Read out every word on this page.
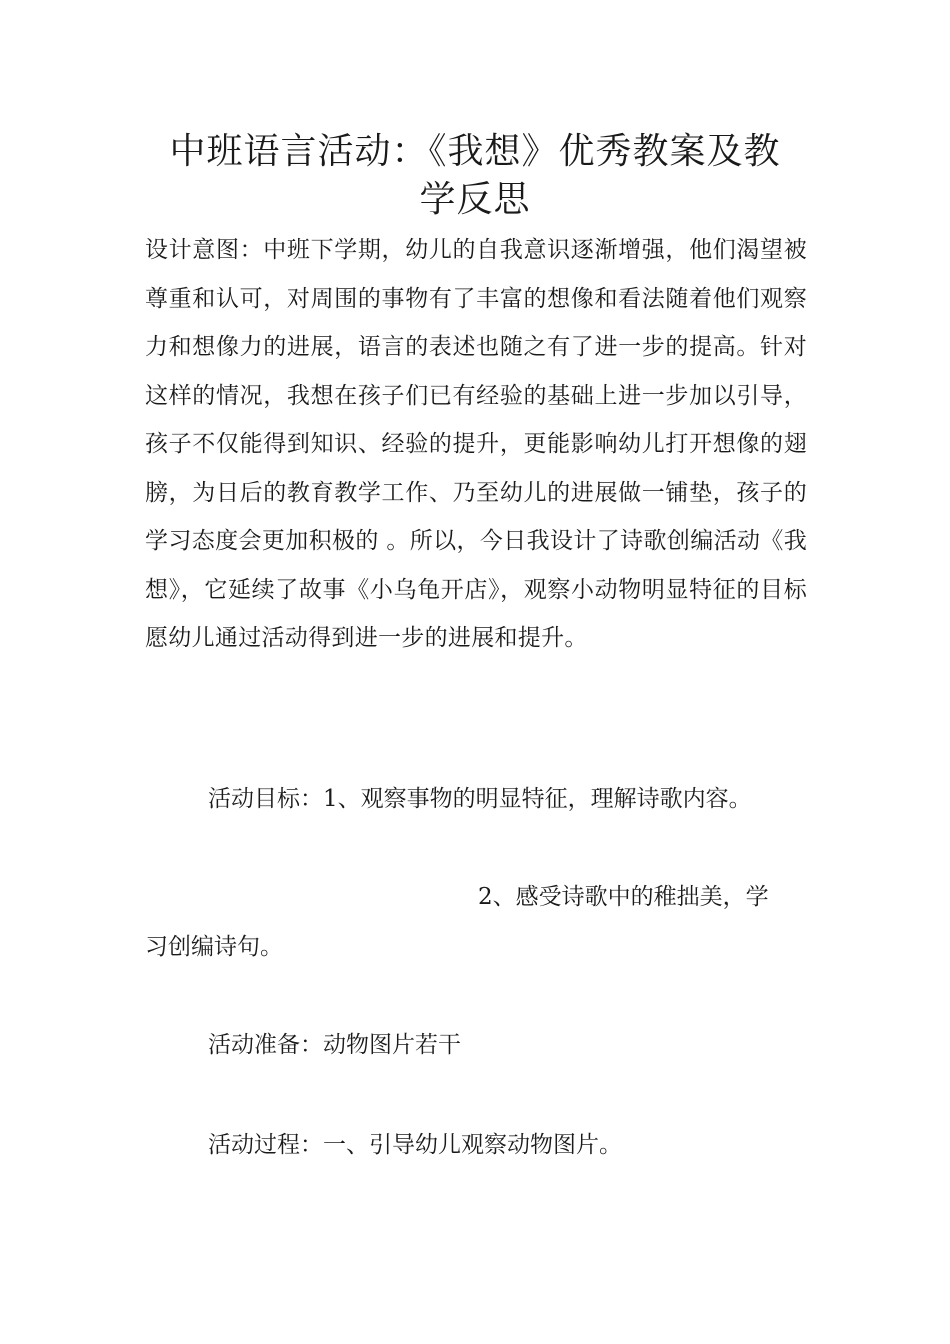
中班语言活动：《我想》优秀教案及教
学反思

设计意图：中班下学期，幼儿的自我意识逐渐增强，他们渴望被尊重和认可，对周围的事物有了丰富的想像和看法随着他们观察力和想像力的进展，语言的表述也随之有了进一步的提高。针对这样的情况，我想在孩子们已有经验的基础上进一步加以引导，孩子不仅能得到知识、经验的提升，更能影响幼儿打开想像的翅膀，为日后的教育教学工作、乃至幼儿的进展做一铺垫，孩子的学习态度会更加积极的 。所以，今日我设计了诗歌创编活动《我想》，它延续了故事《小乌龟开店》，观察小动物明显特征的目标愿幼儿通过活动得到进一步的进展和提升。

活动目标：1、观察事物的明显特征，理解诗歌内容。

2、感受诗歌中的稚拙美，学

习创编诗句。

活动准备：动物图片若干

活动过程：一、引导幼儿观察动物图片。
